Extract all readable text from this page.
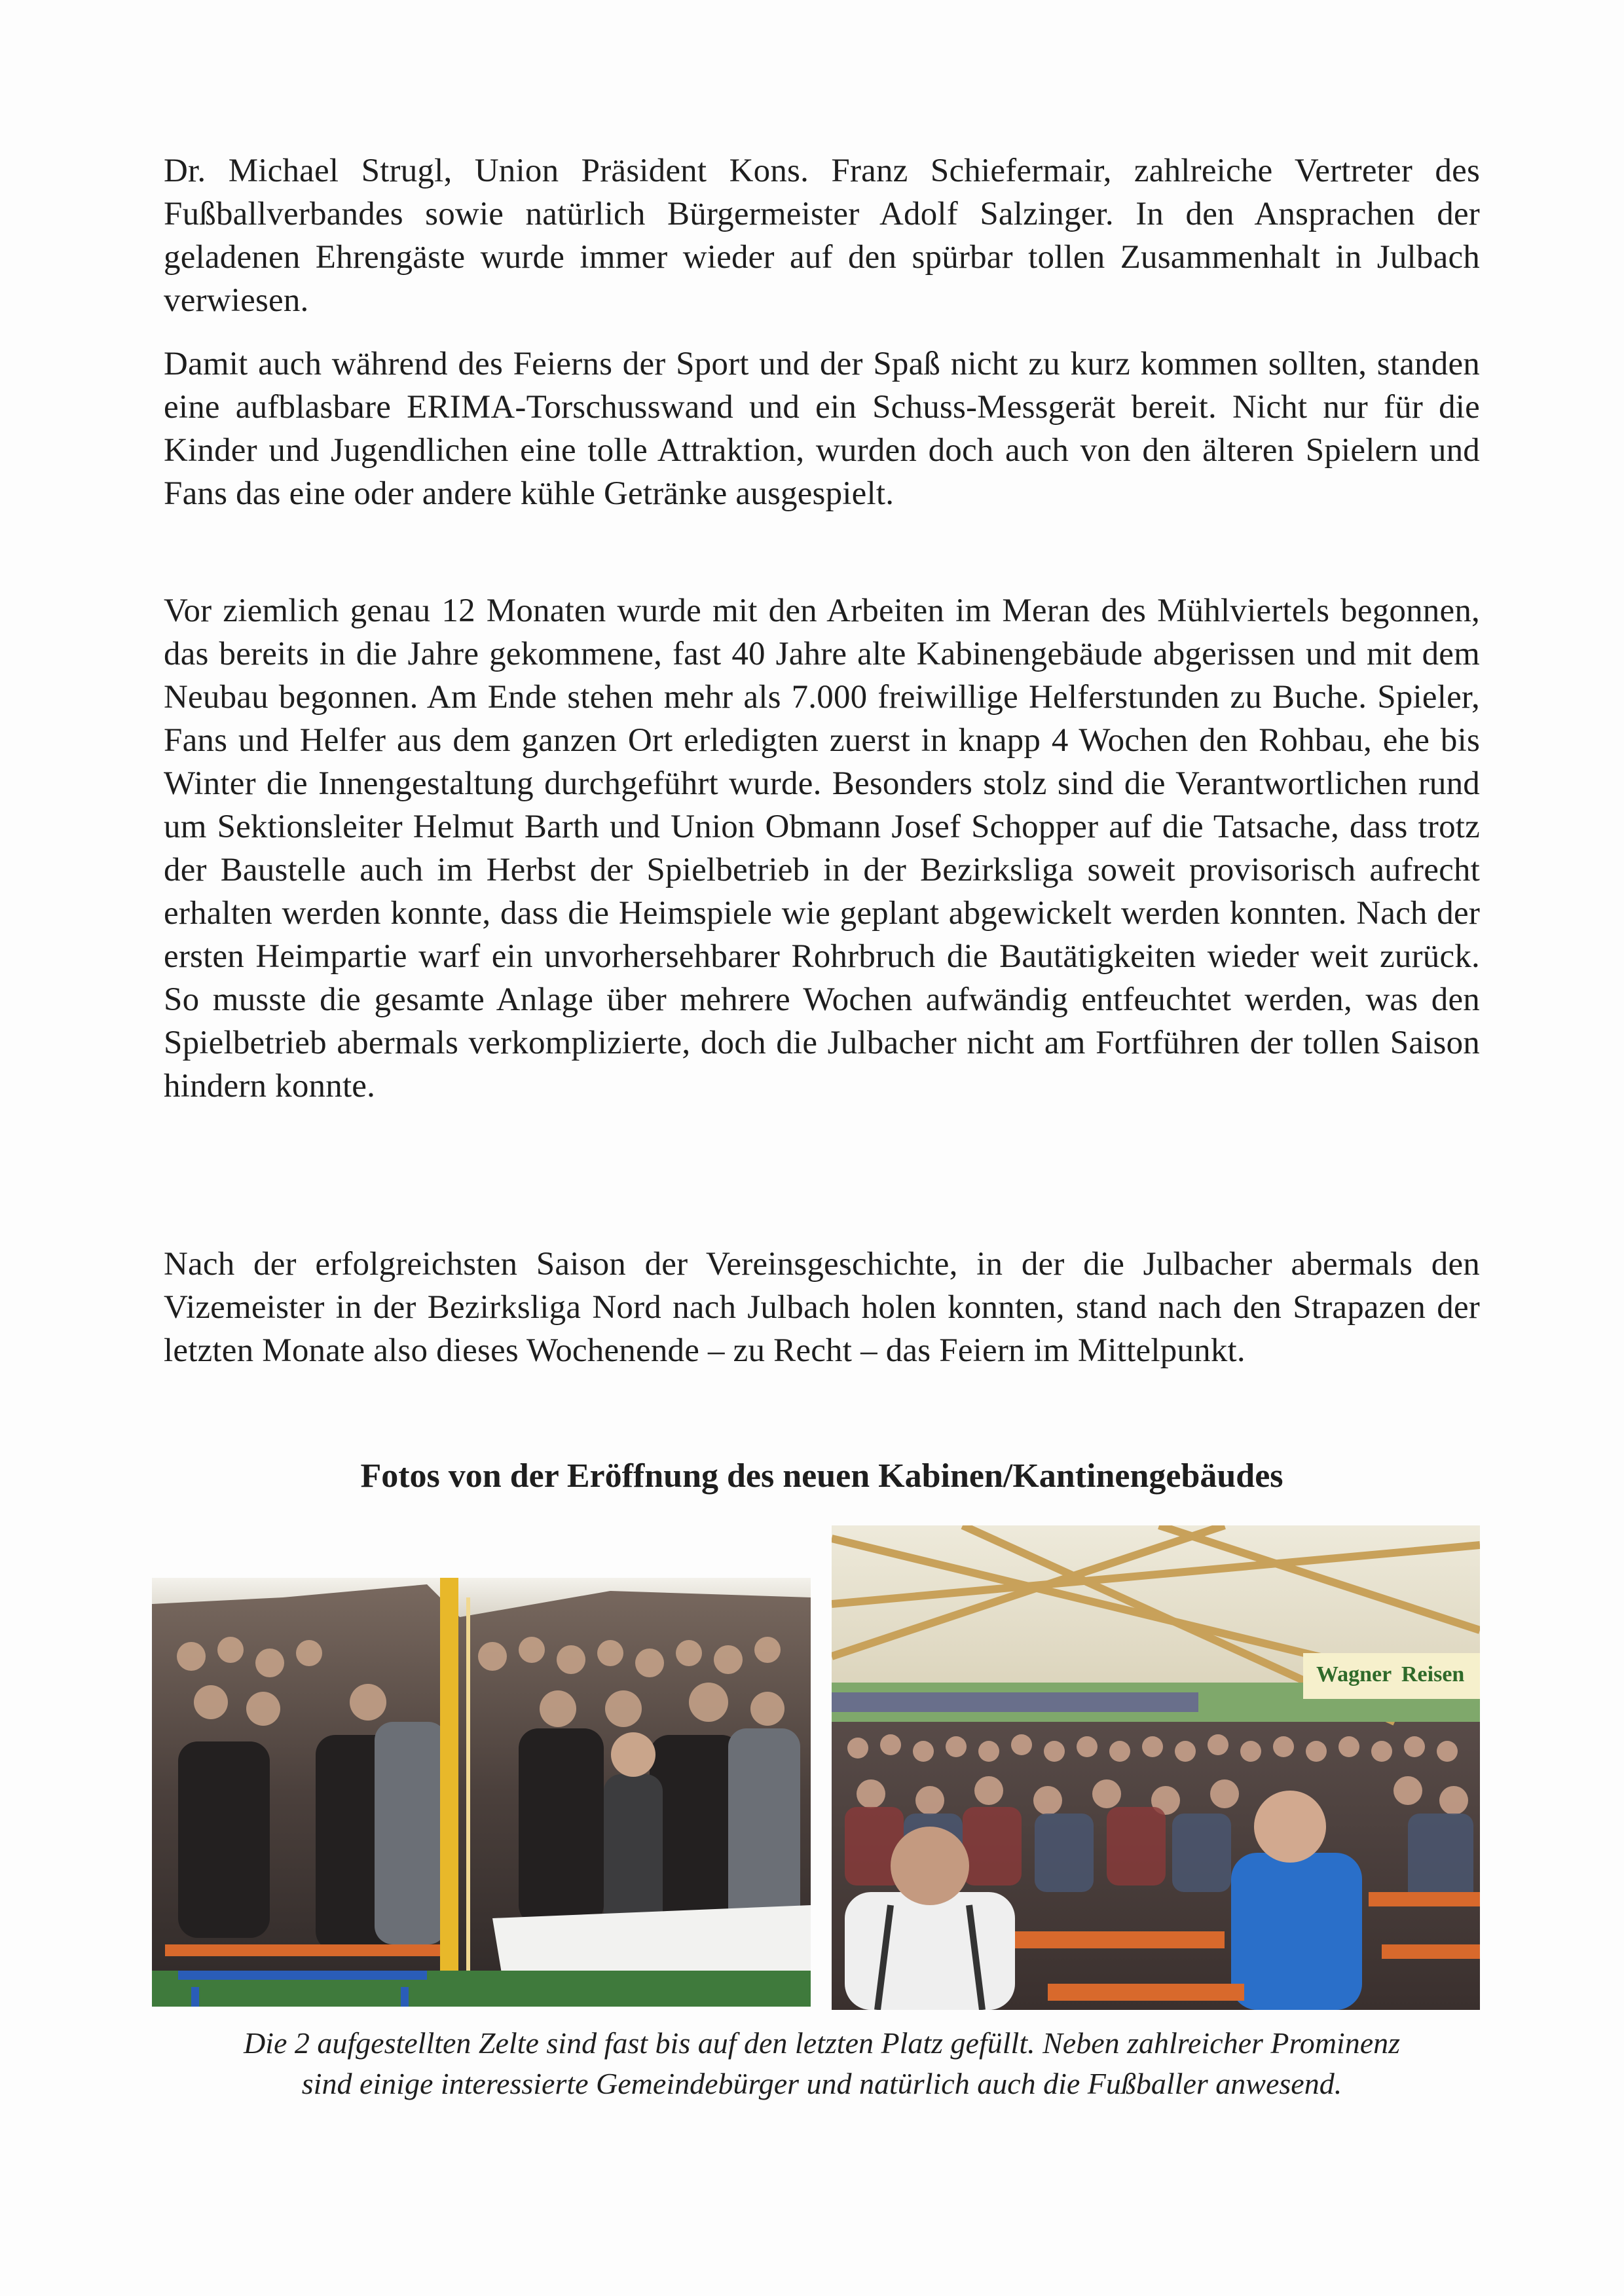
Dr. Michael Strugl, Union Präsident Kons. Franz Schiefermair, zahlreiche Vertreter des Fußballverbandes sowie natürlich Bürgermeister Adolf Salzinger. In den Ansprachen der geladenen Ehrengäste wurde immer wieder auf den spürbar tollen Zusammenhalt in Julbach verwiesen.

Damit auch während des Feierns der Sport und der Spaß nicht zu kurz kommen sollten, standen eine aufblasbare ERIMA-Torschusswand und ein Schuss-Messgerät bereit. Nicht nur für die Kinder und Jugendlichen eine tolle Attraktion, wurden doch auch von den älteren Spielern und Fans das eine oder andere kühle Getränke ausgespielt.

Vor ziemlich genau 12 Monaten wurde mit den Arbeiten im Meran des Mühlviertels begonnen, das bereits in die Jahre gekommene, fast 40 Jahre alte Kabinengebäude abgerissen und mit dem Neubau begonnen. Am Ende stehen mehr als 7.000 freiwillige Helferstunden zu Buche. Spieler, Fans und Helfer aus dem ganzen Ort erledigten zuerst in knapp 4 Wochen den Rohbau, ehe bis Winter die Innengestaltung durchgeführt wurde. Besonders stolz sind die Verantwortlichen rund um Sektionsleiter Helmut Barth und Union Obmann Josef Schopper auf die Tatsache, dass trotz der Baustelle auch im Herbst der Spielbetrieb in der Bezirksliga soweit provisorisch aufrecht erhalten werden konnte, dass die Heimspiele wie geplant abgewickelt werden konnten. Nach der ersten Heimpartie warf ein unvorhersehbarer Rohrbruch die Bautätigkeiten wieder weit zurück. So musste die gesamte Anlage über mehrere Wochen aufwändig entfeuchtet werden, was den Spielbetrieb abermals verkomplizierte, doch die Julbacher nicht am Fortführen der tollen Saison hindern konnte.

Nach der erfolgreichsten Saison der Vereinsgeschichte, in der die Julbacher abermals den Vizemeister in der Bezirksliga Nord nach Julbach holen konnten, stand nach den Strapazen der letzten Monate also dieses Wochenende – zu Recht – das Feiern im Mittelpunkt.

Fotos von der Eröffnung des neuen Kabinen/Kantinengebäudes
Wagner Reisen

Die 2 aufgestellten Zelte sind fast bis auf den letzten Platz gefüllt. Neben zahlreicher Prominenz
sind einige interessierte Gemeindebürger und natürlich auch die Fußballer anwesend.
